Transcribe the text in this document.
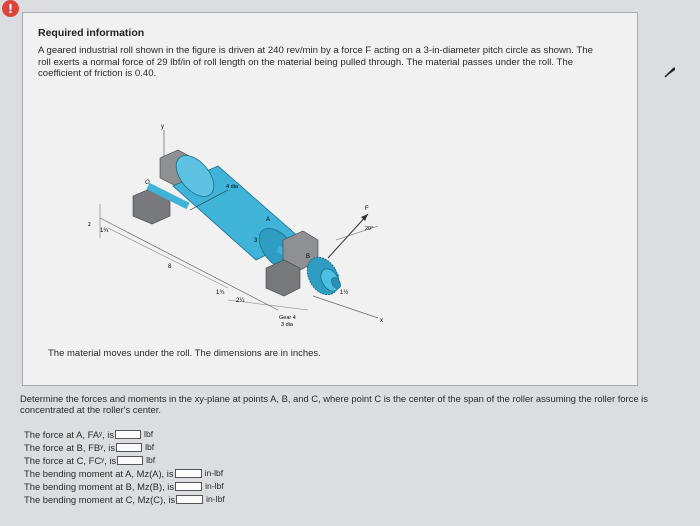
!
Required information
A geared industrial roll shown in the figure is driven at 240 rev/min by a force F acting on a 3-in-diameter pitch circle as shown. The roll exerts a normal force of 29 lbf/in of roll length on the material being pulled through. The material passes under the roll. The coefficient of friction is 0.40.
y
O
A
B
F
20°
4 dia
x
z
1¾
2¼
8
1¾
3
1½
Gear 4
3 dia
The material moves under the roll. The dimensions are in inches.
Determine the forces and moments in the xy-plane at points A, B, and C, where point C is the center of the span of the roller assuming the roller force is concentrated at the roller's center.
The force at A, FAʸ, is	lbf
The force at B, FBʸ, is	lbf
The force at C, FCʸ, is	lbf
The bending moment at A, Mz(A), is	in-lbf
The bending moment at B, Mz(B), is	in-lbf
The bending moment at C, Mz(C), is	in-lbf
